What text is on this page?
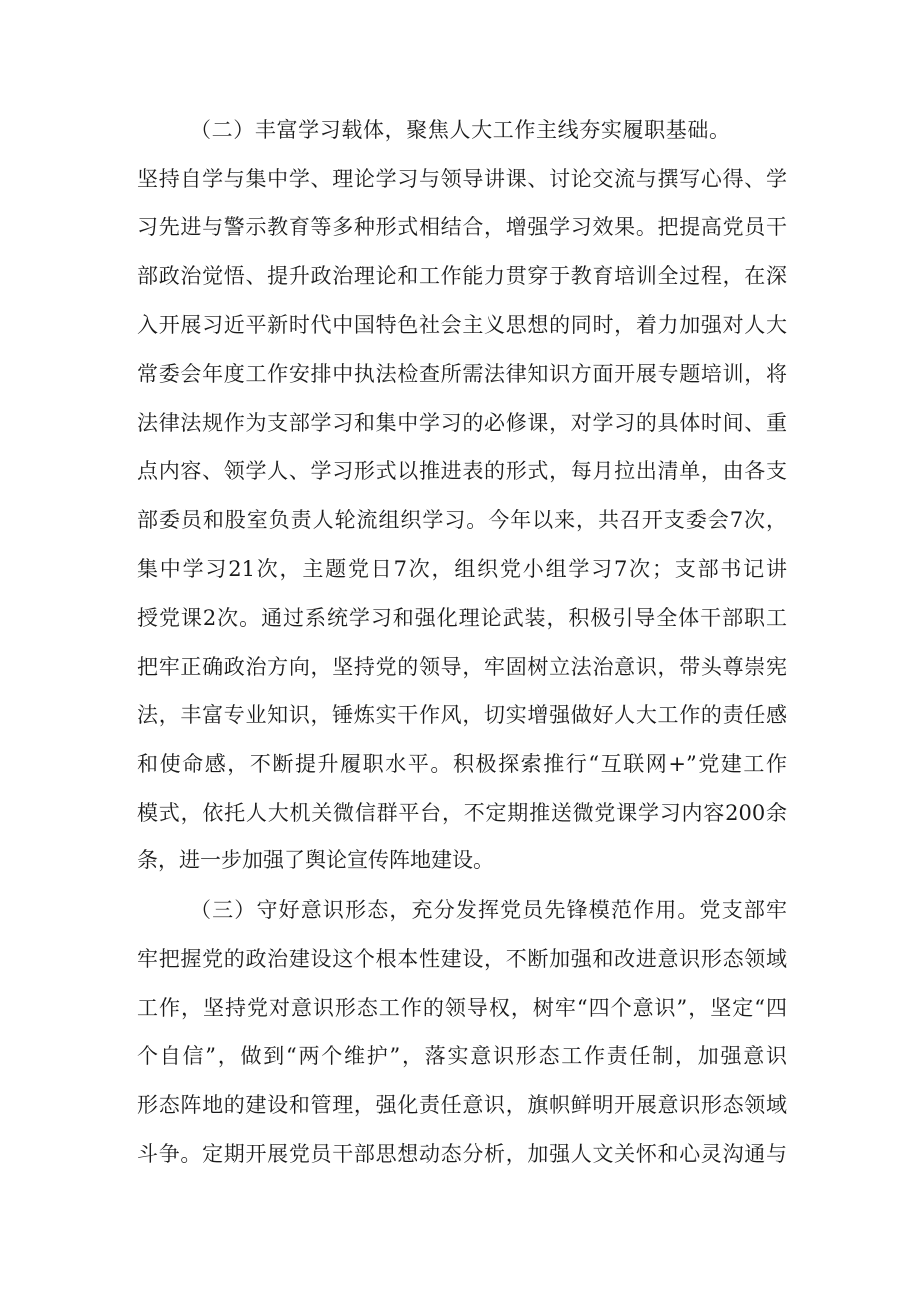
（二）丰富学习载体，聚焦人大工作主线夯实履职基础。
坚持自学与集中学、理论学习与领导讲课、讨论交流与撰写心得、学
习先进与警示教育等多种形式相结合，增强学习效果。把提高党员干
部政治觉悟、提升政治理论和工作能力贯穿于教育培训全过程，在深
入开展习近平新时代中国特色社会主义思想的同时，着力加强对人大
常委会年度工作安排中执法检查所需法律知识方面开展专题培训，将
法律法规作为支部学习和集中学习的必修课，对学习的具体时间、重
点内容、领学人、学习形式以推进表的形式，每月拉出清单，由各支
部委员和股室负责人轮流组织学习。今年以来，共召开支委会7次，
集中学习21次，主题党日7次，组织党小组学习7次；支部书记讲
授党课2次。通过系统学习和强化理论武装，积极引导全体干部职工
把牢正确政治方向，坚持党的领导，牢固树立法治意识，带头尊崇宪
法，丰富专业知识，锤炼实干作风，切实增强做好人大工作的责任感
和使命感，不断提升履职水平。积极探索推行“互联网+”党建工作
模式，依托人大机关微信群平台，不定期推送微党课学习内容200余
条，进一步加强了舆论宣传阵地建设。
（三）守好意识形态，充分发挥党员先锋模范作用。党支部牢
牢把握党的政治建设这个根本性建设，不断加强和改进意识形态领域
工作，坚持党对意识形态工作的领导权，树牢“四个意识”，坚定“四
个自信”，做到“两个维护”，落实意识形态工作责任制，加强意识
形态阵地的建设和管理，强化责任意识，旗帜鲜明开展意识形态领域
斗争。定期开展党员干部思想动态分析，加强人文关怀和心灵沟通与
